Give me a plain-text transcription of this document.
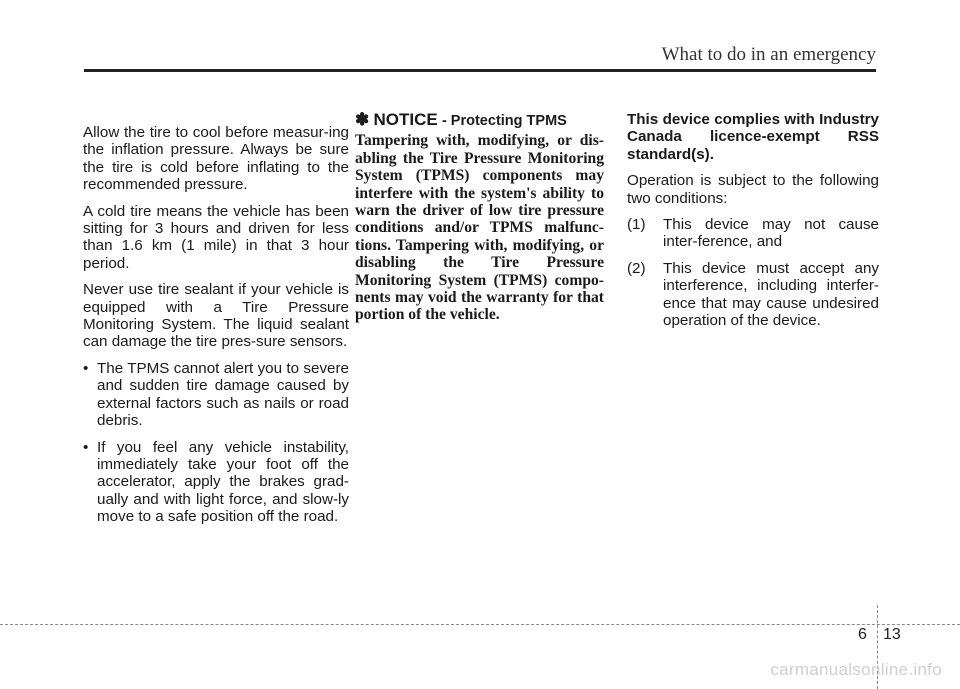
What to do in an emergency

Allow the tire to cool before measur-ing the inflation pressure. Always be sure the tire is cold before inflating to the recommended pressure.

A cold tire means the vehicle has been sitting for 3 hours and driven for less than 1.6 km (1 mile) in that 3 hour period.

Never use tire sealant if your vehicle is equipped with a Tire Pressure Monitoring System. The liquid sealant can damage the tire pres-sure sensors.

• The TPMS cannot alert you to severe and sudden tire damage caused by external factors such as nails or road debris.
• If you feel any vehicle instability, immediately take your foot off the accelerator, apply the brakes grad-ually and with light force, and slow-ly move to a safe position off the road.
✽ NOTICE - Protecting TPMS

Tampering with, modifying, or dis-abling the Tire Pressure Monitoring System (TPMS) components may interfere with the system's ability to warn the driver of low tire pressure conditions and/or TPMS malfunc-tions. Tampering with, modifying, or disabling the Tire Pressure Monitoring System (TPMS) compo-nents may void the warranty for that portion of the vehicle.

This device complies with Industry Canada licence-exempt RSS standard(s).

Operation is subject to the following two conditions:

(1) This device may not cause inter-ference, and
(2) This device must accept any interference, including interfer-ence that may cause undesired operation of the device.
6 13
carmanualsonline.info
